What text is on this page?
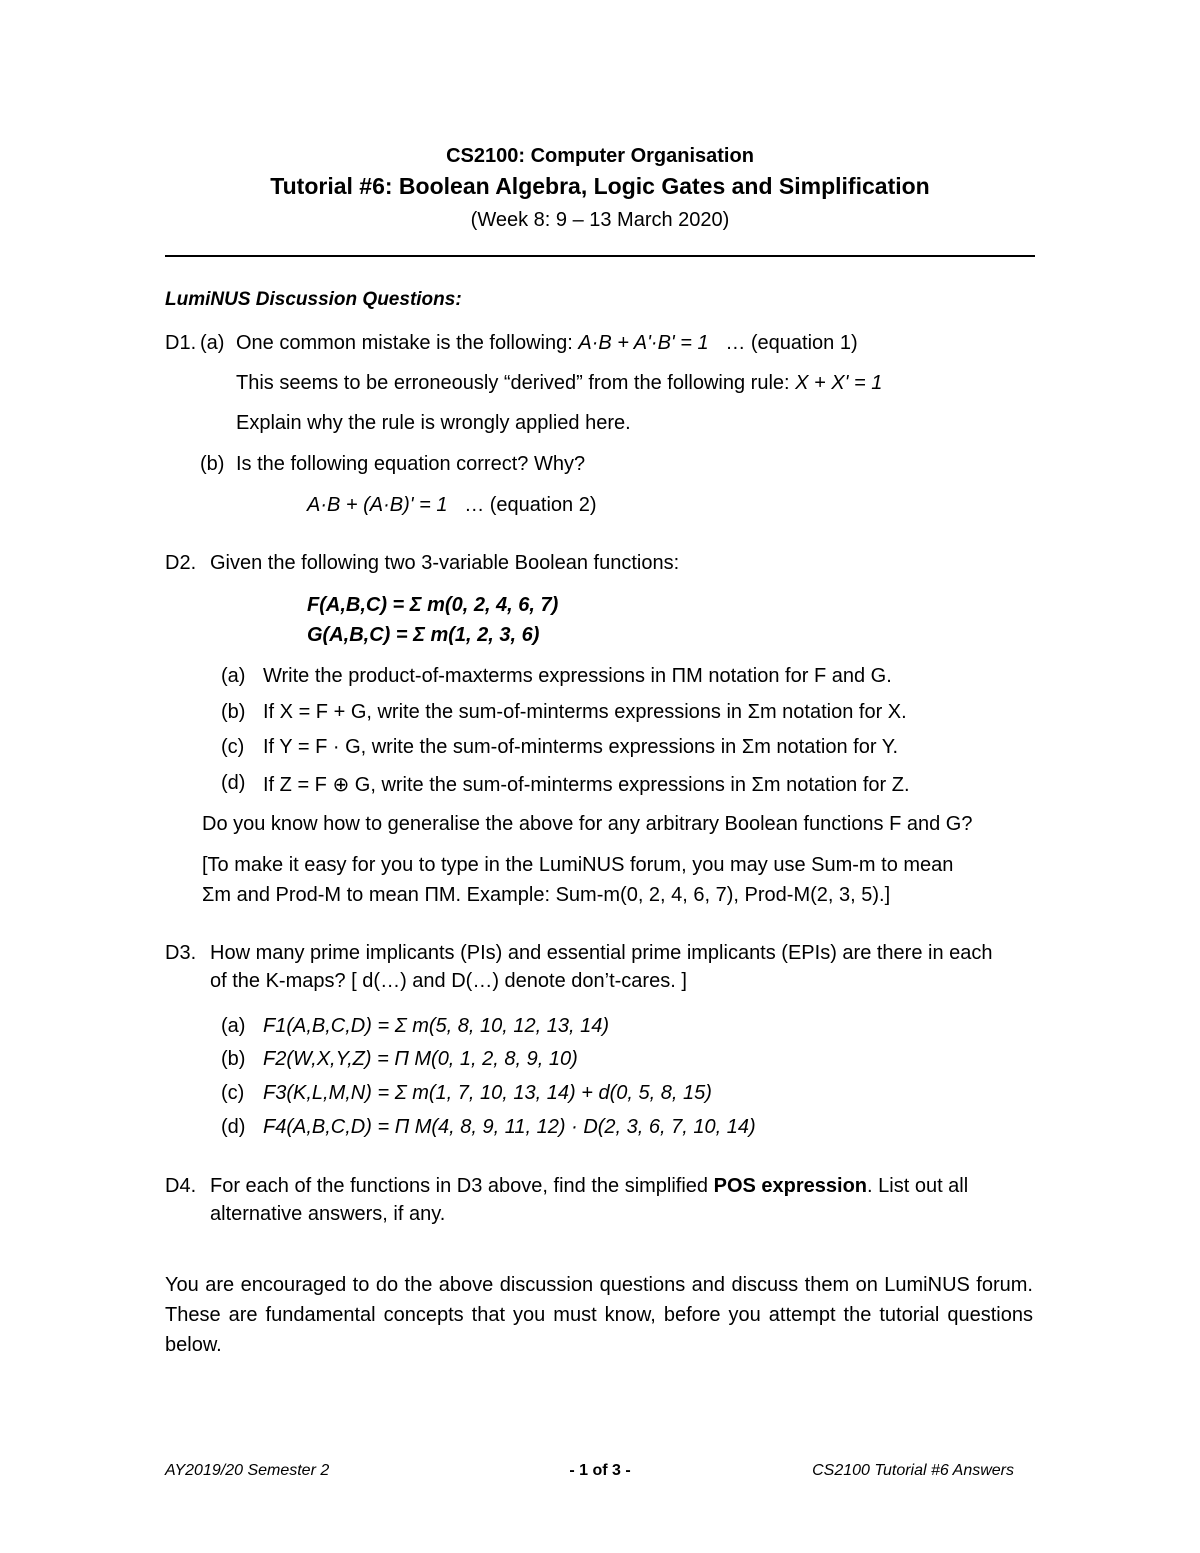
CS2100: Computer Organisation
Tutorial #6: Boolean Algebra, Logic Gates and Simplification
(Week 8: 9 – 13 March 2020)
LumiNUS Discussion Questions:
D1. (a) One common mistake is the following: A·B + A'·B' = 1 … (equation 1)
This seems to be erroneously “derived” from the following rule: X + X' = 1
Explain why the rule is wrongly applied here.
(b) Is the following equation correct? Why?
A·B + (A·B)' = 1 … (equation 2)
D2. Given the following two 3-variable Boolean functions:
F(A,B,C) = Σ m(0, 2, 4, 6, 7)
G(A,B,C) = Σ m(1, 2, 3, 6)
(a) Write the product-of-maxterms expressions in ΠM notation for F and G.
(b) If X = F + G, write the sum-of-minterms expressions in Σm notation for X.
(c) If Y = F · G, write the sum-of-minterms expressions in Σm notation for Y.
(d) If Z = F ⊕ G, write the sum-of-minterms expressions in Σm notation for Z.
Do you know how to generalise the above for any arbitrary Boolean functions F and G?
[To make it easy for you to type in the LumiNUS forum, you may use Sum-m to mean
Σm and Prod-M to mean ΠM. Example: Sum-m(0, 2, 4, 6, 7), Prod-M(2, 3, 5).]
D3. How many prime implicants (PIs) and essential prime implicants (EPIs) are there in each
of the K-maps? [ d(…) and D(…) denote don’t-cares. ]
(a) F1(A,B,C,D) = Σ m(5, 8, 10, 12, 13, 14)
(b) F2(W,X,Y,Z) = Π M(0, 1, 2, 8, 9, 10)
(c) F3(K,L,M,N) = Σ m(1, 7, 10, 13, 14) + d(0, 5, 8, 15)
(d) F4(A,B,C,D) = Π M(4, 8, 9, 11, 12) · D(2, 3, 6, 7, 10, 14)
D4. For each of the functions in D3 above, find the simplified POS expression. List out all
alternative answers, if any.
You are encouraged to do the above discussion questions and discuss them on LumiNUS forum. These are fundamental concepts that you must know, before you attempt the tutorial questions below.
AY2019/20 Semester 2	- 1 of 3 -	CS2100 Tutorial #6 Answers
